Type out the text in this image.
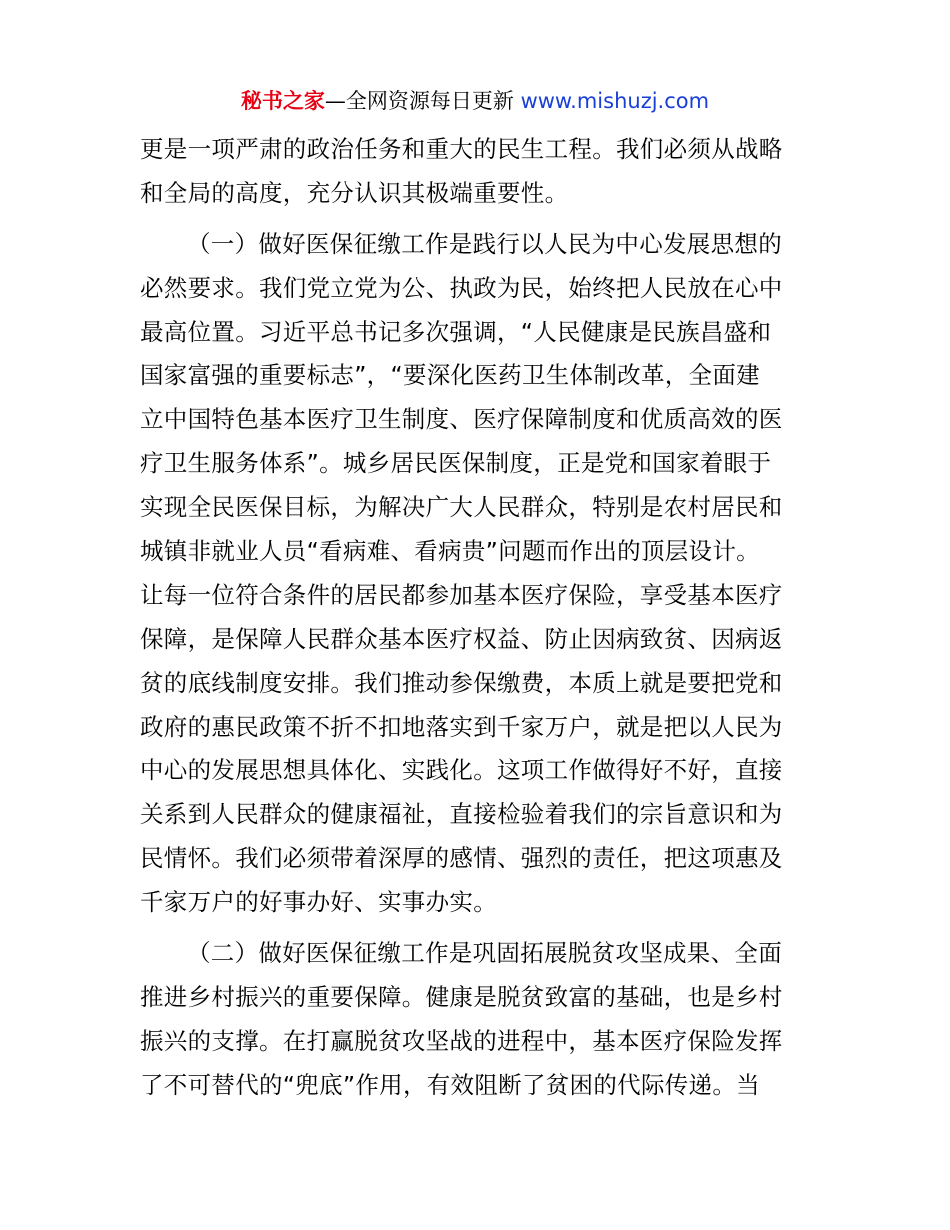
秘书之家—全网资源每日更新 www.mishuzj.com
更是一项严肃的政治任务和重大的民生工程。我们必须从战略
和全局的高度，充分认识其极端重要性。
（一）做好医保征缴工作是践行以人民为中心发展思想的
必然要求。我们党立党为公、执政为民，始终把人民放在心中
最高位置。习近平总书记多次强调，“人民健康是民族昌盛和
国家富强的重要标志”，“要深化医药卫生体制改革，全面建
立中国特色基本医疗卫生制度、医疗保障制度和优质高效的医
疗卫生服务体系”。城乡居民医保制度，正是党和国家着眼于
实现全民医保目标，为解决广大人民群众，特别是农村居民和
城镇非就业人员“看病难、看病贵”问题而作出的顶层设计。
让每一位符合条件的居民都参加基本医疗保险，享受基本医疗
保障，是保障人民群众基本医疗权益、防止因病致贫、因病返
贫的底线制度安排。我们推动参保缴费，本质上就是要把党和
政府的惠民政策不折不扣地落实到千家万户，就是把以人民为
中心的发展思想具体化、实践化。这项工作做得好不好，直接
关系到人民群众的健康福祉，直接检验着我们的宗旨意识和为
民情怀。我们必须带着深厚的感情、强烈的责任，把这项惠及
千家万户的好事办好、实事办实。
（二）做好医保征缴工作是巩固拓展脱贫攻坚成果、全面
推进乡村振兴的重要保障。健康是脱贫致富的基础，也是乡村
振兴的支撑。在打赢脱贫攻坚战的进程中，基本医疗保险发挥
了不可替代的“兜底”作用，有效阻断了贫困的代际传递。当
